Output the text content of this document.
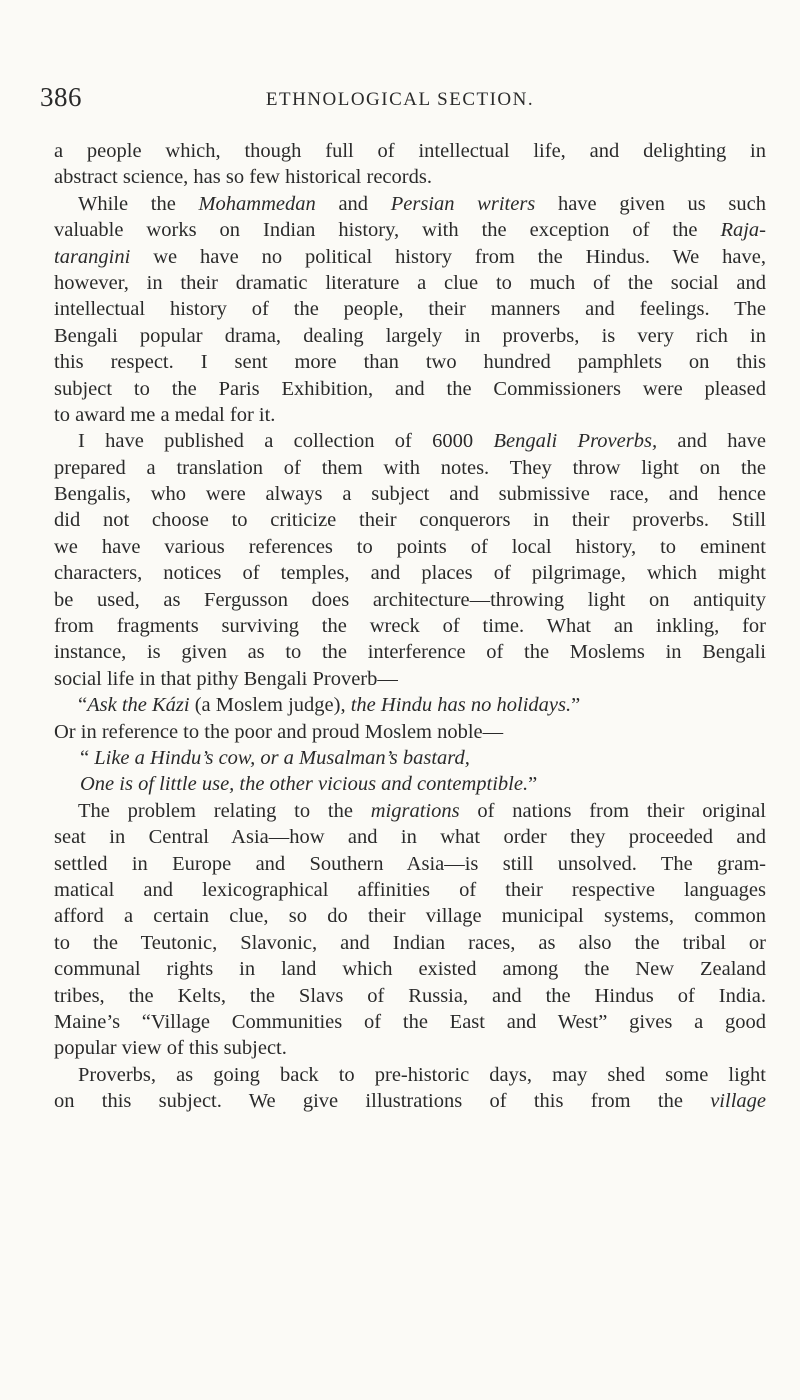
386	ETHNOLOGICAL SECTION.
a people which, though full of intellectual life, and delighting in
abstract science, has so few historical records.
While the Mohammedan and Persian writers have given us such
valuable works on Indian history, with the exception of the Raja-
tarangini we have no political history from the Hindus. We have,
however, in their dramatic literature a clue to much of the social and
intellectual history of the people, their manners and feelings. The
Bengali popular drama, dealing largely in proverbs, is very rich in
this respect. I sent more than two hundred pamphlets on this
subject to the Paris Exhibition, and the Commissioners were pleased
to award me a medal for it.
I have published a collection of 6000 Bengali Proverbs, and have
prepared a translation of them with notes. They throw light on the
Bengalis, who were always a subject and submissive race, and hence
did not choose to criticize their conquerors in their proverbs. Still
we have various references to points of local history, to eminent
characters, notices of temples, and places of pilgrimage, which might
be used, as Fergusson does architecture—throwing light on antiquity
from fragments surviving the wreck of time. What an inkling, for
instance, is given as to the interference of the Moslems in Bengali
social life in that pithy Bengali Proverb—
“Ask the Kázi (a Moslem judge), the Hindu has no holidays.”
Or in reference to the poor and proud Moslem noble—
“ Like a Hindu’s cow, or a Musalman’s bastard,
One is of little use, the other vicious and contemptible.”
The problem relating to the migrations of nations from their original
seat in Central Asia—how and in what order they proceeded and
settled in Europe and Southern Asia—is still unsolved. The gram-
matical and lexicographical affinities of their respective languages
afford a certain clue, so do their village municipal systems, common
to the Teutonic, Slavonic, and Indian races, as also the tribal or
communal rights in land which existed among the New Zealand
tribes, the Kelts, the Slavs of Russia, and the Hindus of India.
Maine’s “Village Communities of the East and West” gives a good
popular view of this subject.
Proverbs, as going back to pre-historic days, may shed some light
on this subject. We give illustrations of this from the village
